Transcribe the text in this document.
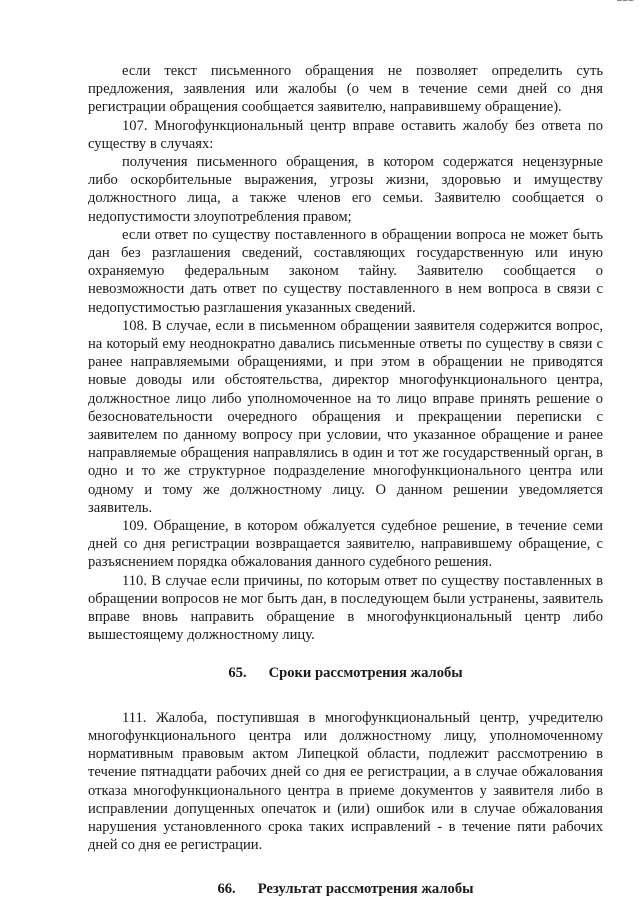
~~~

если текст письменного обращения не позволяет определить суть предложения, заявления или жалобы (о чем в течение семи дней со дня регистрации обращения сообщается заявителю, направившему обращение).

107. Многофункциональный центр вправе оставить жалобу без ответа по существу в случаях:

получения письменного обращения, в котором содержатся нецензурные либо оскорбительные выражения, угрозы жизни, здоровью и имуществу должностного лица, а также членов его семьи. Заявителю сообщается о недопустимости злоупотребления правом;

если ответ по существу поставленного в обращении вопроса не может быть дан без разглашения сведений, составляющих государственную или иную охраняемую федеральным законом тайну. Заявителю сообщается о невозможности дать ответ по существу поставленного в нем вопроса в связи с недопустимостью разглашения указанных сведений.

108. В случае, если в письменном обращении заявителя содержится вопрос, на который ему неоднократно давались письменные ответы по существу в связи с ранее направляемыми обращениями, и при этом в обращении не приводятся новые доводы или обстоятельства, директор многофункционального центра, должностное лицо либо уполномоченное на то лицо вправе принять решение о безосновательности очередного обращения и прекращении переписки с заявителем по данному вопросу при условии, что указанное обращение и ранее направляемые обращения направлялись в один и тот же государственный орган, в одно и то же структурное подразделение многофункционального центра или одному и тому же должностному лицу. О данном решении уведомляется заявитель.

109. Обращение, в котором обжалуется судебное решение, в течение семи дней со дня регистрации возвращается заявителю, направившему обращение, с разъяснением порядка обжалования данного судебного решения.

110. В случае если причины, по которым ответ по существу поставленных в обращении вопросов не мог быть дан, в последующем были устранены, заявитель вправе вновь направить обращение в многофункциональный центр либо вышестоящему должностному лицу.

65. Сроки рассмотрения жалобы

111. Жалоба, поступившая в многофункциональный центр, учредителю многофункционального центра или должностному лицу, уполномоченному нормативным правовым актом Липецкой области, подлежит рассмотрению в течение пятнадцати рабочих дней со дня ее регистрации, а в случае обжалования отказа многофункционального центра в приеме документов у заявителя либо в исправлении допущенных опечаток и (или) ошибок или в случае обжалования нарушения установленного срока таких исправлений - в течение пяти рабочих дней со дня ее регистрации.

66. Результат рассмотрения жалобы
